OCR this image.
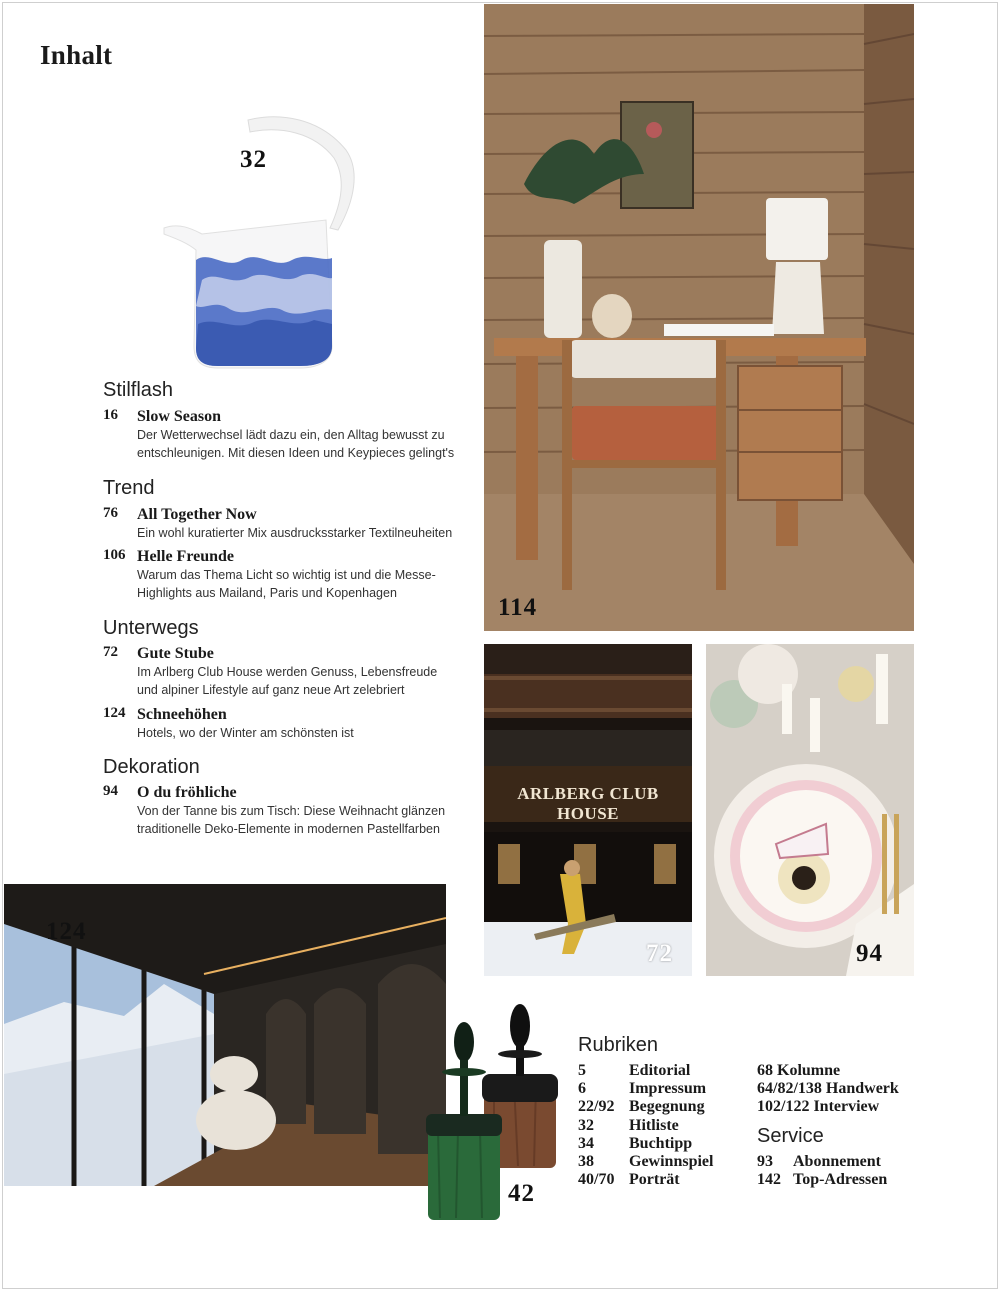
Inhalt
32
114
ARLBERG CLUB HOUSE
72	94
124
42
Stilflash
16 Slow Season
Der Wetterwechsel lädt dazu ein, den Alltag bewusst zu
entschleunigen. Mit diesen Ideen und Keypieces gelingt's
Trend
76 All Together Now
Ein wohl kuratierter Mix ausdrucksstarker Textilneuheiten
106 Helle Freunde
Warum das Thema Licht so wichtig ist und die Messe-
Highlights aus Mailand, Paris und Kopenhagen
Unterwegs
72 Gute Stube
Im Arlberg Club House werden Genuss, Lebensfreude
und alpiner Lifestyle auf ganz neue Art zelebriert
124 Schneehöhen
Hotels, wo der Winter am schönsten ist
Dekoration
94 O du fröhliche
Von der Tanne bis zum Tisch: Diese Weihnacht glänzen
traditionelle Deko-Elemente in modernen Pastellfarben
Rubriken
5	Editorial
6	Impressum
22/92 Begegnung
32 Hitliste
34 Buchtipp
38 Gewinnspiel
40/70 Porträt
68 Kolumne
64/82/138 Handwerk
102/122 Interview
Service
93 Abonnement
142 Top-Adressen
